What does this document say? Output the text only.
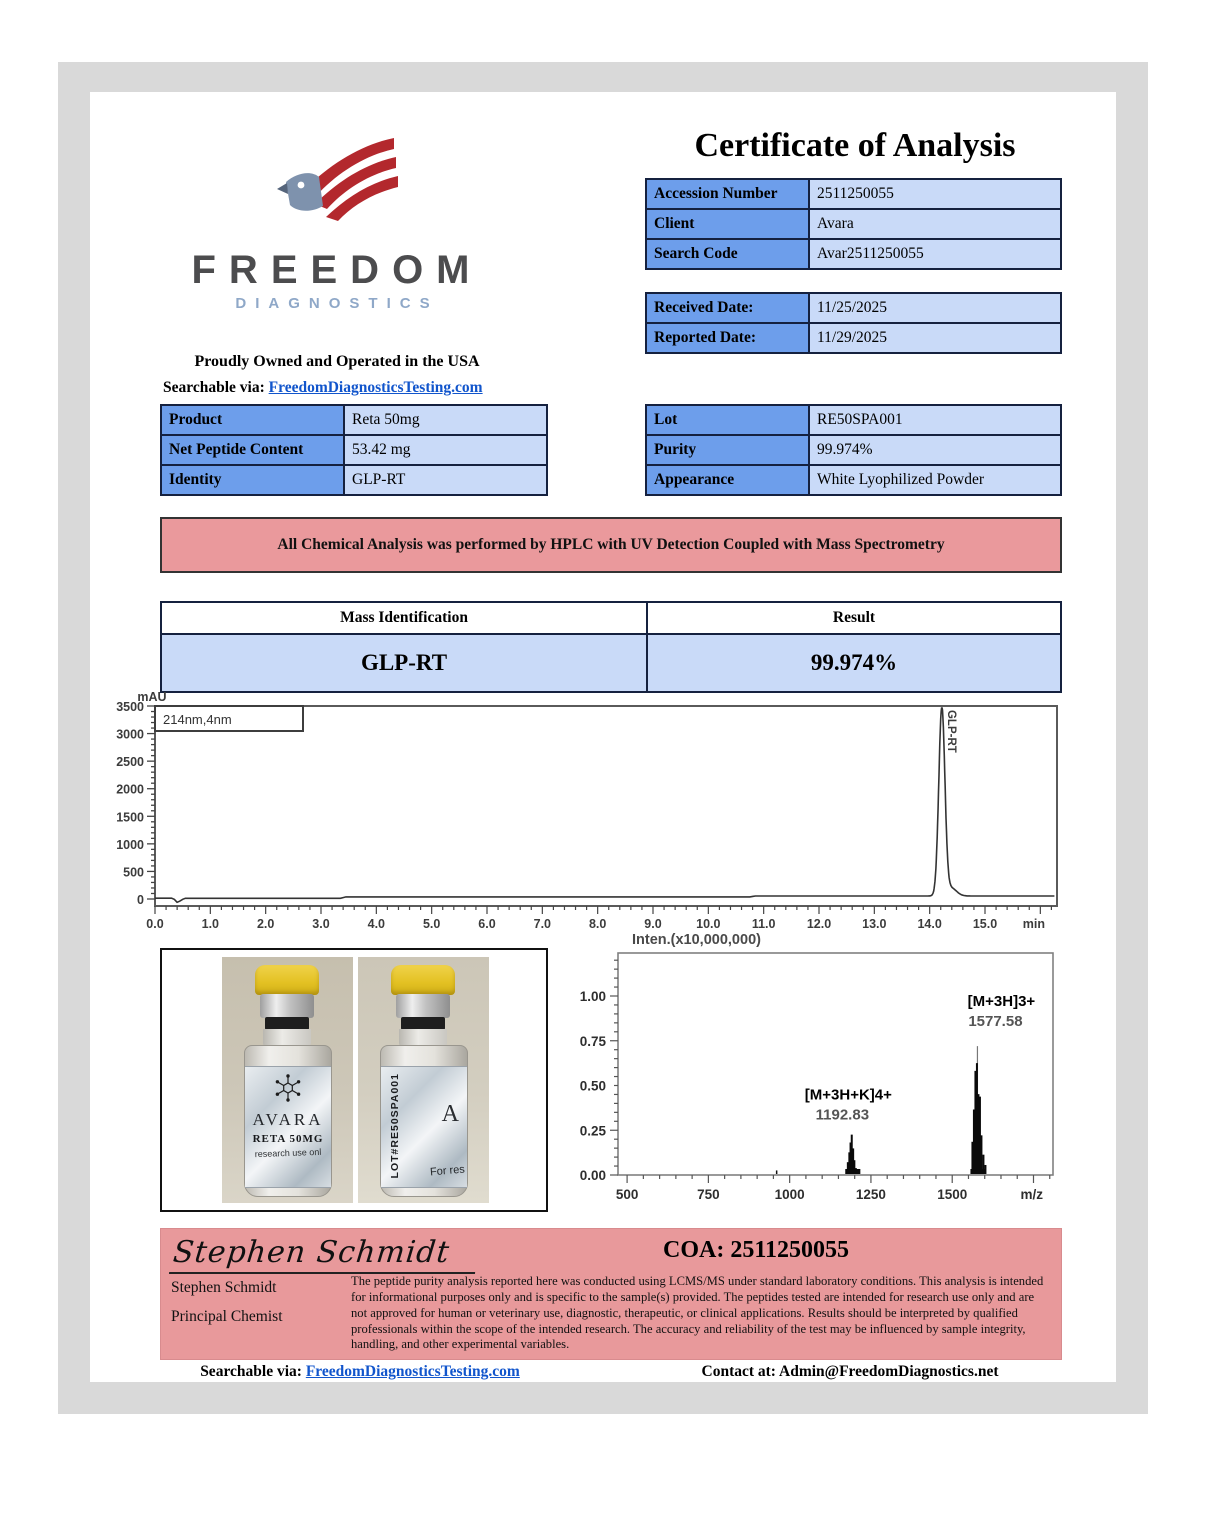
FREEDOM
DIAGNOSTICS
Proudly Owned and Operated in the USA
Searchable via: FreedomDiagnosticsTesting.com
Certificate of Analysis
Accession Number	2511250055
Client	Avara
Search Code	Avar2511250055
Received Date:	11/25/2025
Reported Date:	11/29/2025
Product	Reta 50mg
Net Peptide Content	53.42 mg
Identity	GLP-RT
Lot	RE50SPA001
Purity	99.974%
Appearance	White Lyophilized Powder
All Chemical Analysis was performed by HPLC with UV Detection Coupled with Mass Spectrometry
Mass Identification	Result
GLP-RT	99.974%
0
500
1000
1500
2000
2500
3000
3500
0.0	1.0	2.0	3.0	4.0	5.0	6.0	7.0	8.0	9.0	10.0	11.0	12.0 13.0 14.0 15.0 min
mAU
214nm,4nm	GLP-RT
AVARA
RETA 50MG
research use onl	LOT#RE50SPA001 A
For res
Inten.(x10,000,000)
0.00
0.25
0.50
0.75
1.00
500	750	1000	1250	1500	m/z
[M+3H+K]4+
1192.83
[M+3H]3+
1577.58
Stephen Schmidt	COA: 2511250055
Stephen Schmidt
Principal Chemist
The peptide purity analysis reported here was conducted using LCMS/MS under standard laboratory conditions. This analysis is intended for informational purposes only and is specific to the sample(s) provided. The peptides tested are intended for research use only and are not approved for human or veterinary use, diagnostic, therapeutic, or clinical applications. Results should be interpreted by qualified professionals within the scope of the intended research. The accuracy and reliability of the test may be influenced by sample integrity, handling, and other experimental variables.
Searchable via: FreedomDiagnosticsTesting.com	Contact at: Admin@FreedomDiagnostics.net
